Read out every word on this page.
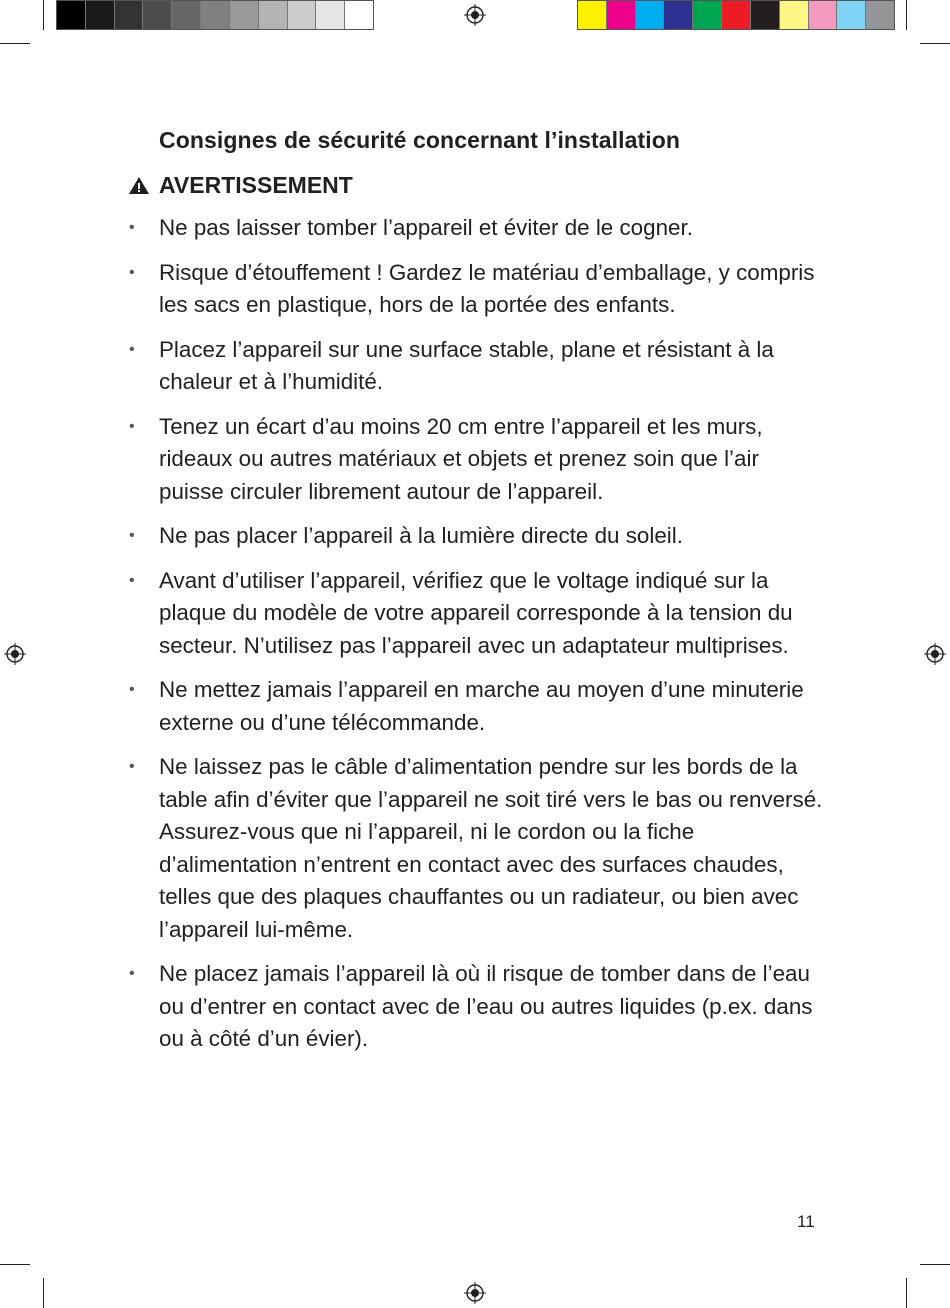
Consignes de sécurité concernant l’installation
AVERTISSEMENT
• Ne pas laisser tomber l’appareil et éviter de le cogner.
• Risque d’étouffement ! Gardez le matériau d’emballage, y compris les sacs en plastique, hors de la portée des enfants.
• Placez l’appareil sur une surface stable, plane et résistant à la chaleur et à l’humidité.
• Tenez un écart d’au moins 20 cm entre l’appareil et les murs, rideaux ou autres matériaux et objets et prenez soin que l’air puisse circuler librement autour de l’appareil.
• Ne pas placer l’appareil à la lumière directe du soleil.
• Avant d’utiliser l’appareil, vérifiez que le voltage indiqué sur la plaque du modèle de votre appareil corresponde à la tension du secteur. N’utilisez pas l’appareil avec un adaptateur multiprises.
• Ne mettez jamais l’appareil en marche au moyen d’une minuterie externe ou d’une télécommande.
• Ne laissez pas le câble d’alimentation pendre sur les bords de la table afin d’éviter que l’appareil ne soit tiré vers le bas ou renversé. Assurez-vous que ni l’appareil, ni le cordon ou la fiche d’alimentation n’entrent en contact avec des surfaces chaudes, telles que des plaques chauffantes ou un radiateur, ou bien avec l’appareil lui-même.
• Ne placez jamais l’appareil là où il risque de tomber dans de l’eau ou d’entrer en contact avec de l’eau ou autres liquides (p.ex. dans ou à côté d’un évier).
11
